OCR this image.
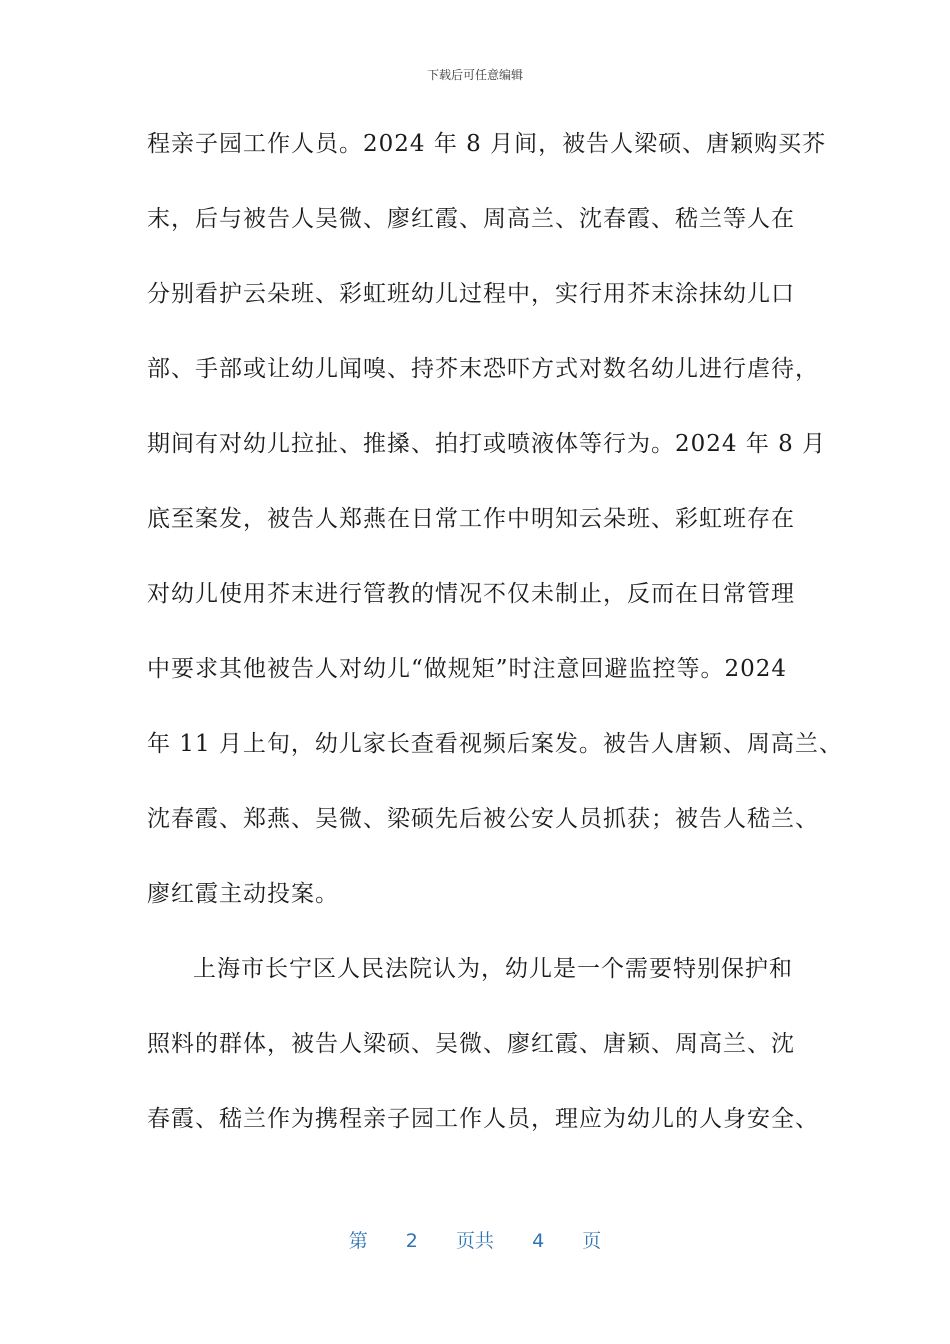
下载后可任意编辑
程亲子园工作人员。2024 年 8 月间，被告人梁硕、唐颖购买芥
末，后与被告人吴微、廖红霞、周高兰、沈春霞、嵇兰等人在
分别看护云朵班、彩虹班幼儿过程中，实行用芥末涂抹幼儿口
部、手部或让幼儿闻嗅、持芥末恐吓方式对数名幼儿进行虐待，
期间有对幼儿拉扯、推搡、拍打或喷液体等行为。2024 年 8 月
底至案发，被告人郑燕在日常工作中明知云朵班、彩虹班存在
对幼儿使用芥末进行管教的情况不仅未制止，反而在日常管理
中要求其他被告人对幼儿“做规矩”时注意回避监控等。2024
年 11 月上旬，幼儿家长查看视频后案发。被告人唐颖、周高兰、
沈春霞、郑燕、吴微、梁硕先后被公安人员抓获；被告人嵇兰、
廖红霞主动投案。
上海市长宁区人民法院认为，幼儿是一个需要特别保护和
照料的群体，被告人梁硕、吴微、廖红霞、唐颖、周高兰、沈
春霞、嵇兰作为携程亲子园工作人员，理应为幼儿的人身安全、
第 2 页共 4 页
